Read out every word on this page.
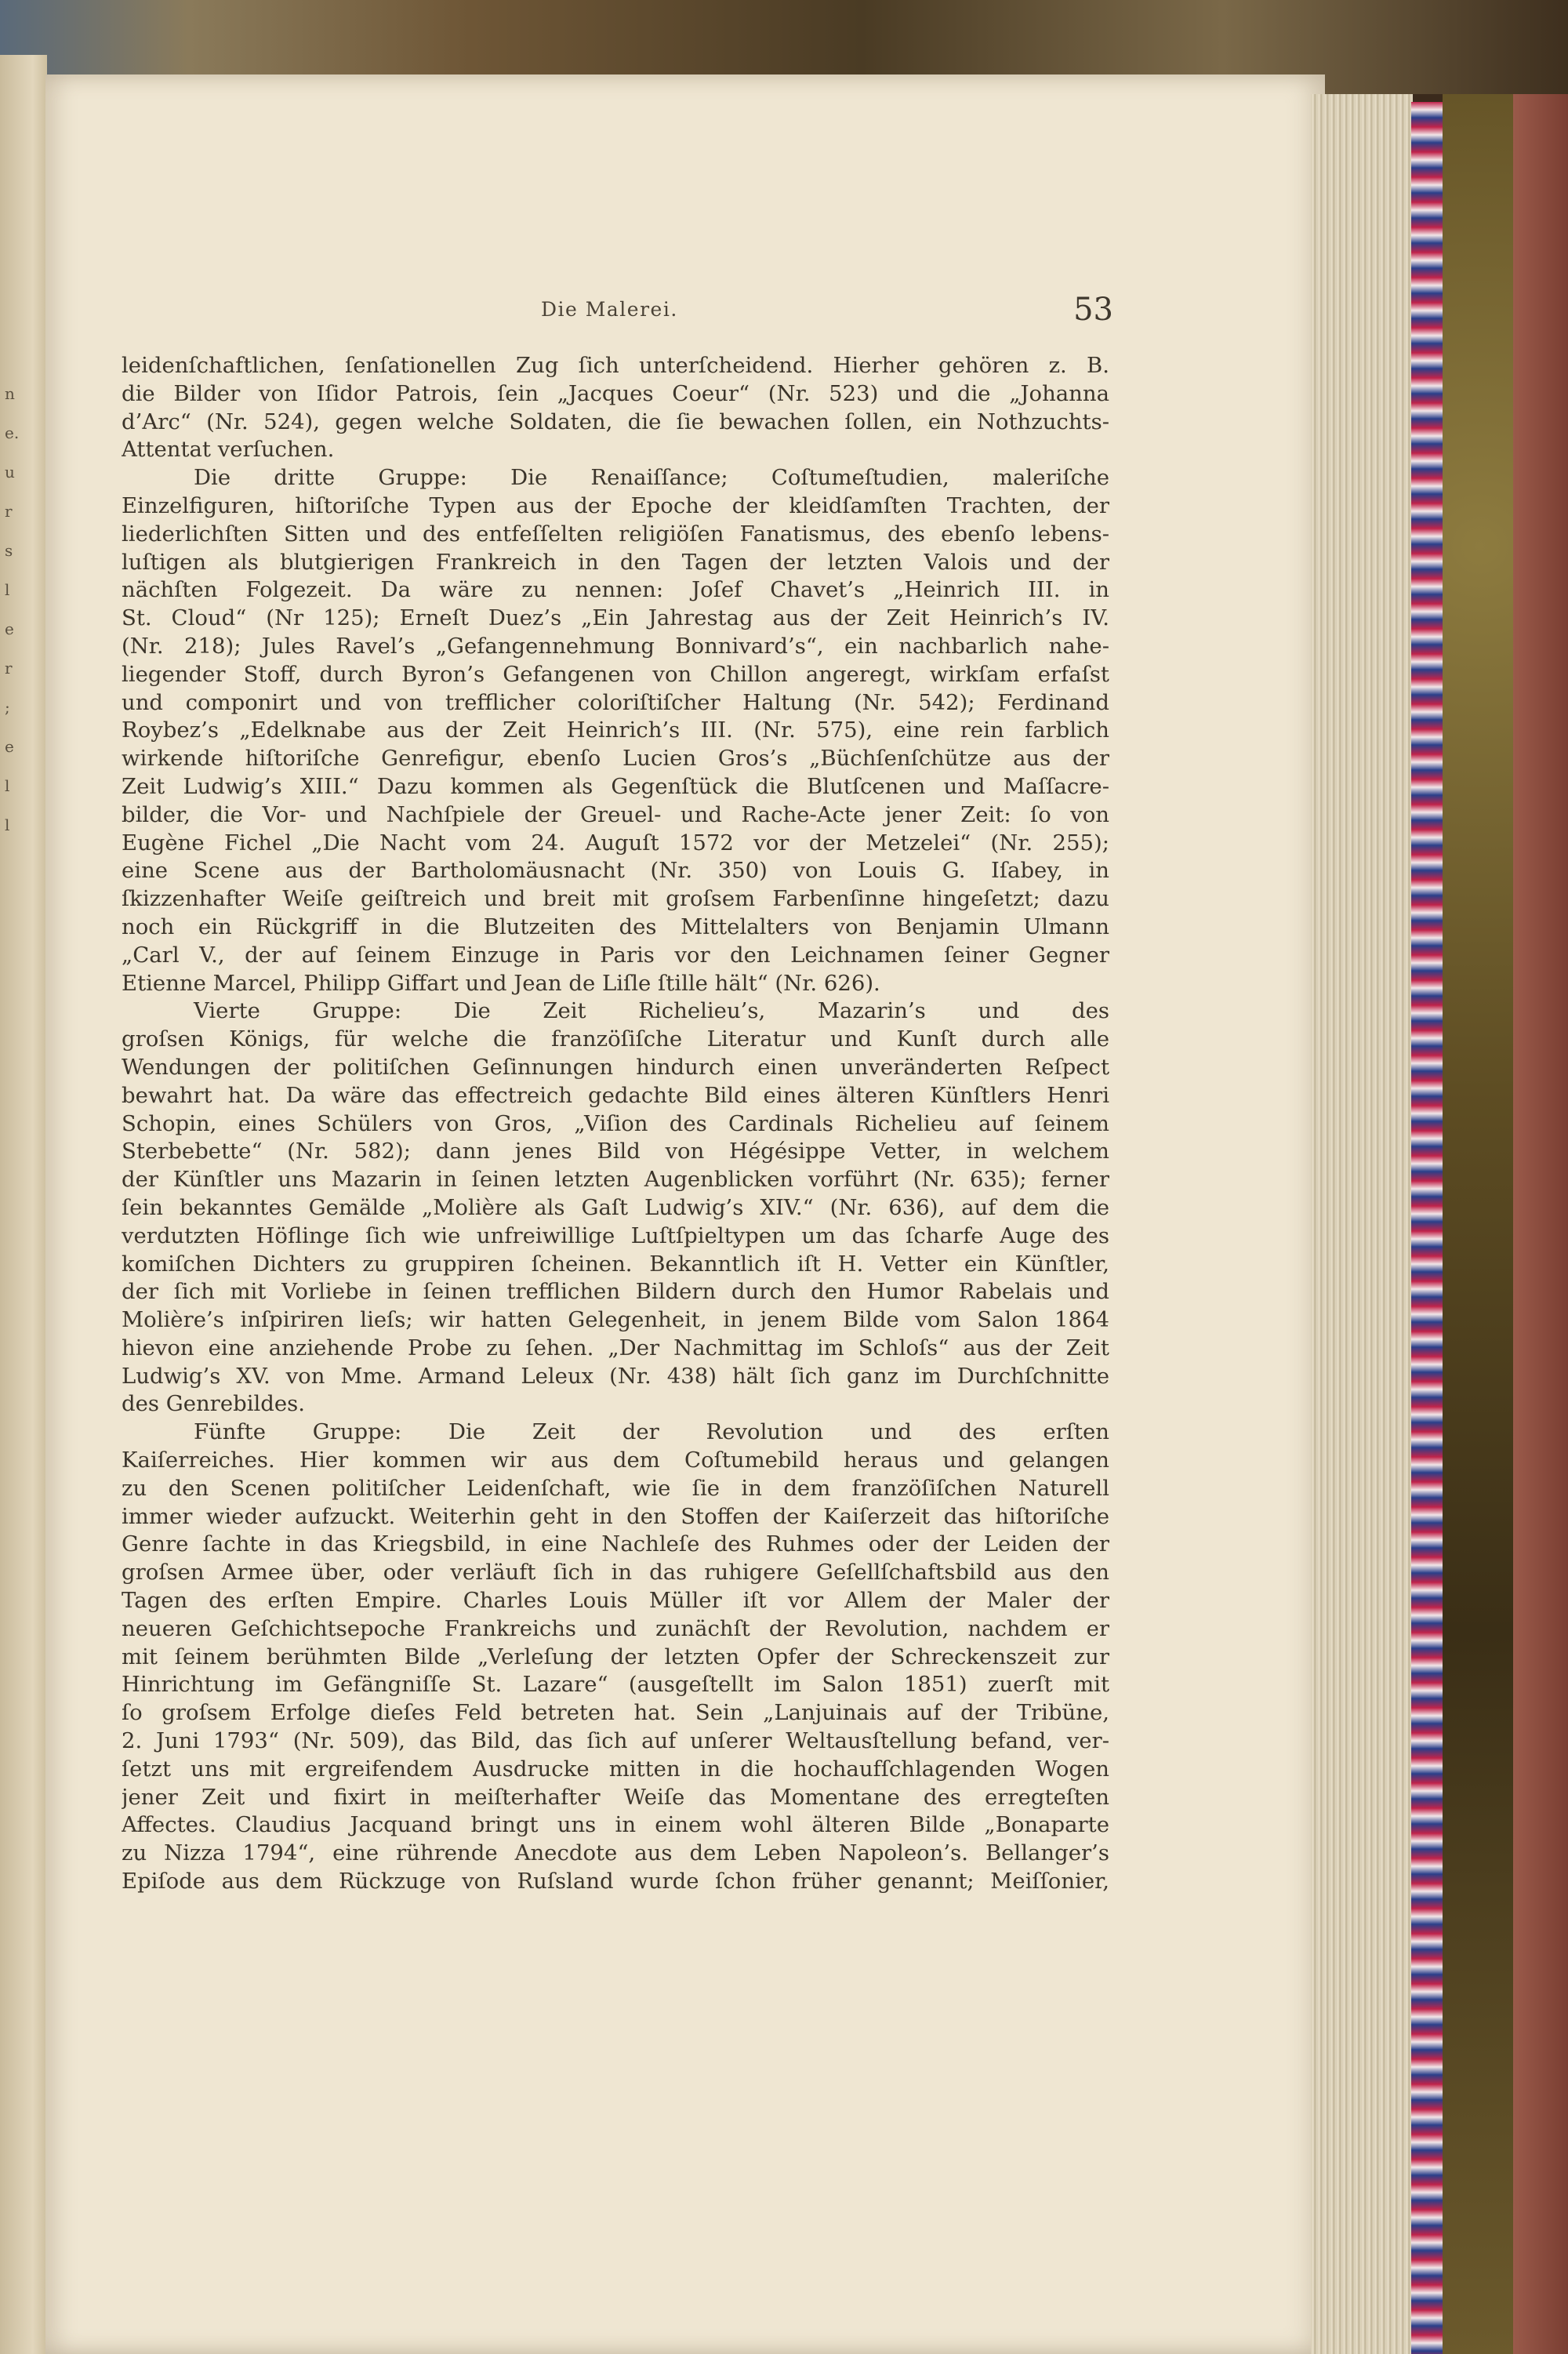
n
e.
u
r
s
l
e
r
;
e
l
l
Die Malerei.	53
leidenſchaftlichen, ſenſationellen Zug ſich unterſcheidend. Hierher gehören z. B.
die Bilder von Iſidor Patrois, ſein „Jacques Coeur“ (Nr. 523) und die „Johanna
d’Arc“ (Nr. 524), gegen welche Soldaten, die ſie bewachen ſollen, ein Nothzuchts-
Attentat verſuchen.
Die dritte Gruppe: Die Renaiſſance; Coſtumeſtudien, maleriſche
Einzelfiguren, hiſtoriſche Typen aus der Epoche der kleidſamſten Trachten, der
liederlichſten Sitten und des entfeſſelten religiöſen Fanatismus, des ebenſo lebens-
luſtigen als blutgierigen Frankreich in den Tagen der letzten Valois und der
nächſten Folgezeit. Da wäre zu nennen: Joſef Chavet’s „Heinrich III. in
St. Cloud“ (Nr 125); Erneſt Duez’s „Ein Jahrestag aus der Zeit Heinrich’s IV.
(Nr. 218); Jules Ravel’s „Gefangennehmung Bonnivard’s“, ein nachbarlich nahe-
liegender Stoff, durch Byron’s Gefangenen von Chillon angeregt, wirkſam erfaſst
und componirt und von trefflicher coloriſtiſcher Haltung (Nr. 542); Ferdinand
Roybez’s „Edelknabe aus der Zeit Heinrich’s III. (Nr. 575), eine rein farblich
wirkende hiſtoriſche Genrefigur, ebenſo Lucien Gros’s „Büchſenſchütze aus der
Zeit Ludwig’s XIII.“ Dazu kommen als Gegenſtück die Blutſcenen und Maſſacre-
bilder, die Vor- und Nachſpiele der Greuel- und Rache-Acte jener Zeit: ſo von
Eugène Fichel „Die Nacht vom 24. Auguſt 1572 vor der Metzelei“ (Nr. 255);
eine Scene aus der Bartholomäusnacht (Nr. 350) von Louis G. Iſabey, in
ſkizzenhafter Weiſe geiſtreich und breit mit groſsem Farbenſinne hingeſetzt; dazu
noch ein Rückgriff in die Blutzeiten des Mittelalters von Benjamin Ulmann
„Carl V., der auf ſeinem Einzuge in Paris vor den Leichnamen ſeiner Gegner
Etienne Marcel, Philipp Giffart und Jean de Liſle ſtille hält“ (Nr. 626).
Vierte Gruppe: Die Zeit Richelieu’s, Mazarin’s und des
groſsen Königs, für welche die franzöſiſche Literatur und Kunſt durch alle
Wendungen der politiſchen Geſinnungen hindurch einen unveränderten Reſpect
bewahrt hat. Da wäre das effectreich gedachte Bild eines älteren Künſtlers Henri
Schopin, eines Schülers von Gros, „Viſion des Cardinals Richelieu auf ſeinem
Sterbebette“ (Nr. 582); dann jenes Bild von Hégésippe Vetter, in welchem
der Künſtler uns Mazarin in ſeinen letzten Augenblicken vorführt (Nr. 635); ferner
ſein bekanntes Gemälde „Molière als Gaſt Ludwig’s XIV.“ (Nr. 636), auf dem die
verdutzten Höflinge ſich wie unfreiwillige Luſtſpieltypen um das ſcharfe Auge des
komiſchen Dichters zu gruppiren ſcheinen. Bekanntlich iſt H. Vetter ein Künſtler,
der ſich mit Vorliebe in ſeinen trefflichen Bildern durch den Humor Rabelais und
Molière’s inſpiriren lieſs; wir hatten Gelegenheit, in jenem Bilde vom Salon 1864
hievon eine anziehende Probe zu ſehen. „Der Nachmittag im Schloſs“ aus der Zeit
Ludwig’s XV. von Mme. Armand Leleux (Nr. 438) hält ſich ganz im Durchſchnitte
des Genrebildes.
Fünfte Gruppe: Die Zeit der Revolution und des erſten
Kaiſerreiches. Hier kommen wir aus dem Coſtumebild heraus und gelangen
zu den Scenen politiſcher Leidenſchaft, wie ſie in dem franzöſiſchen Naturell
immer wieder aufzuckt. Weiterhin geht in den Stoffen der Kaiſerzeit das hiſtoriſche
Genre ſachte in das Kriegsbild, in eine Nachleſe des Ruhmes oder der Leiden der
groſsen Armee über, oder verläuft ſich in das ruhigere Geſellſchaftsbild aus den
Tagen des erſten Empire. Charles Louis Müller iſt vor Allem der Maler der
neueren Geſchichtsepoche Frankreichs und zunächſt der Revolution, nachdem er
mit ſeinem berühmten Bilde „Verleſung der letzten Opfer der Schreckenszeit zur
Hinrichtung im Gefängniſſe St. Lazare“ (ausgeſtellt im Salon 1851) zuerſt mit
ſo groſsem Erfolge dieſes Feld betreten hat. Sein „Lanjuinais auf der Tribüne,
2. Juni 1793“ (Nr. 509), das Bild, das ſich auf unſerer Weltausſtellung befand, ver-
ſetzt uns mit ergreifendem Ausdrucke mitten in die hochaufſchlagenden Wogen
jener Zeit und fixirt in meiſterhafter Weiſe das Momentane des erregteſten
Affectes. Claudius Jacquand bringt uns in einem wohl älteren Bilde „Bonaparte
zu Nizza 1794“, eine rührende Anecdote aus dem Leben Napoleon’s. Bellanger’s
Epiſode aus dem Rückzuge von Ruſsland wurde ſchon früher genannt; Meiſſonier,
